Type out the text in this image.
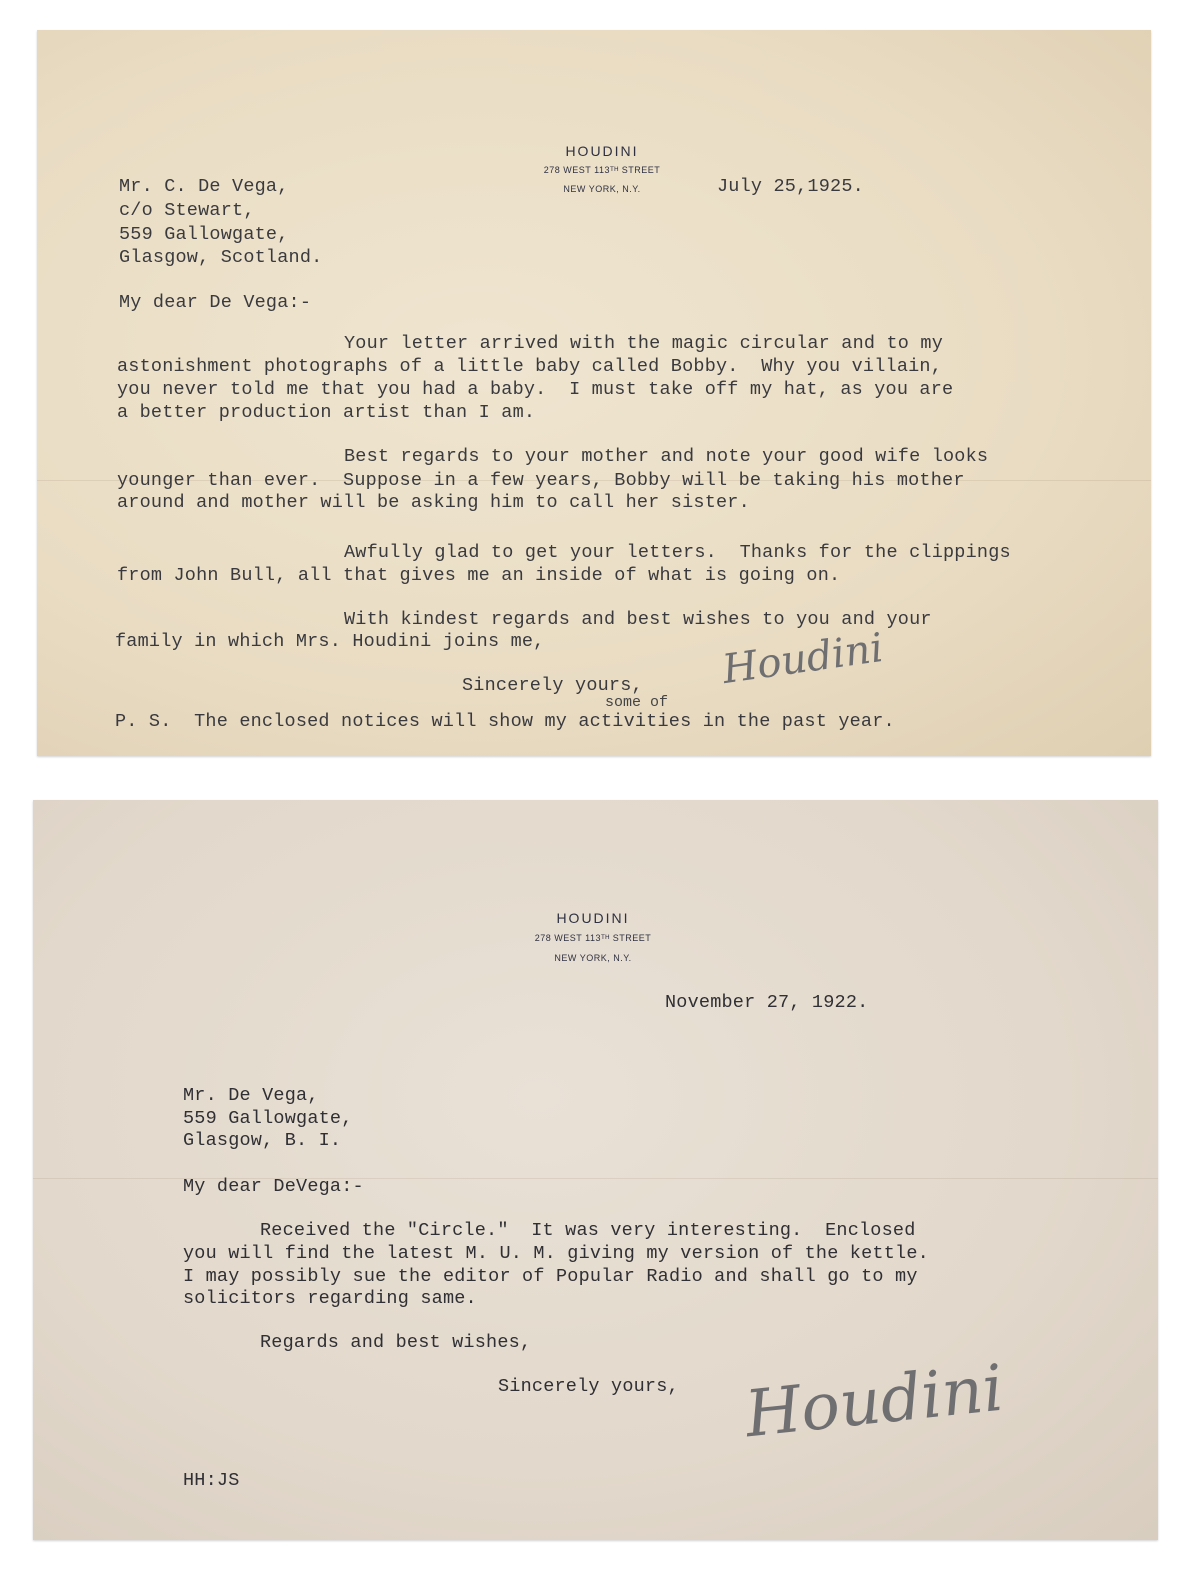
HOUDINI
278 WEST 113ᵀᴴ STREET
NEW YORK, N.Y.	July 25,1925.
Mr. C. De Vega,
c/o Stewart,
559 Gallowgate,
Glasgow, Scotland.
My dear De Vega:-
Your letter arrived with the magic circular and to my
astonishment photographs of a little baby called Bobby.  Why you villain,
you never told me that you had a baby.  I must take off my hat, as you are
a better production artist than I am.
Best regards to your mother and note your good wife looks
younger than ever.  Suppose in a few years, Bobby will be taking his mother
around and mother will be asking him to call her sister.
Awfully glad to get your letters.  Thanks for the clippings
from John Bull, all that gives me an inside of what is going on.
With kindest regards and best wishes to you and your
family in which Mrs. Houdini joins me,
Sincerely yours, Houdini
some of
P. S.  The enclosed notices will show my activities in the past year.
HOUDINI
278 WEST 113ᵀᴴ STREET
NEW YORK, N.Y.
November 27, 1922.
Mr. De Vega,
559 Gallowgate,
Glasgow, B. I.
My dear DeVega:-
Received the "Circle."  It was very interesting.  Enclosed
you will find the latest M. U. M. giving my version of the kettle.
I may possibly sue the editor of Popular Radio and shall go to my
solicitors regarding same.
Regards and best wishes,
Sincerely yours, Houdini
HH:JS
